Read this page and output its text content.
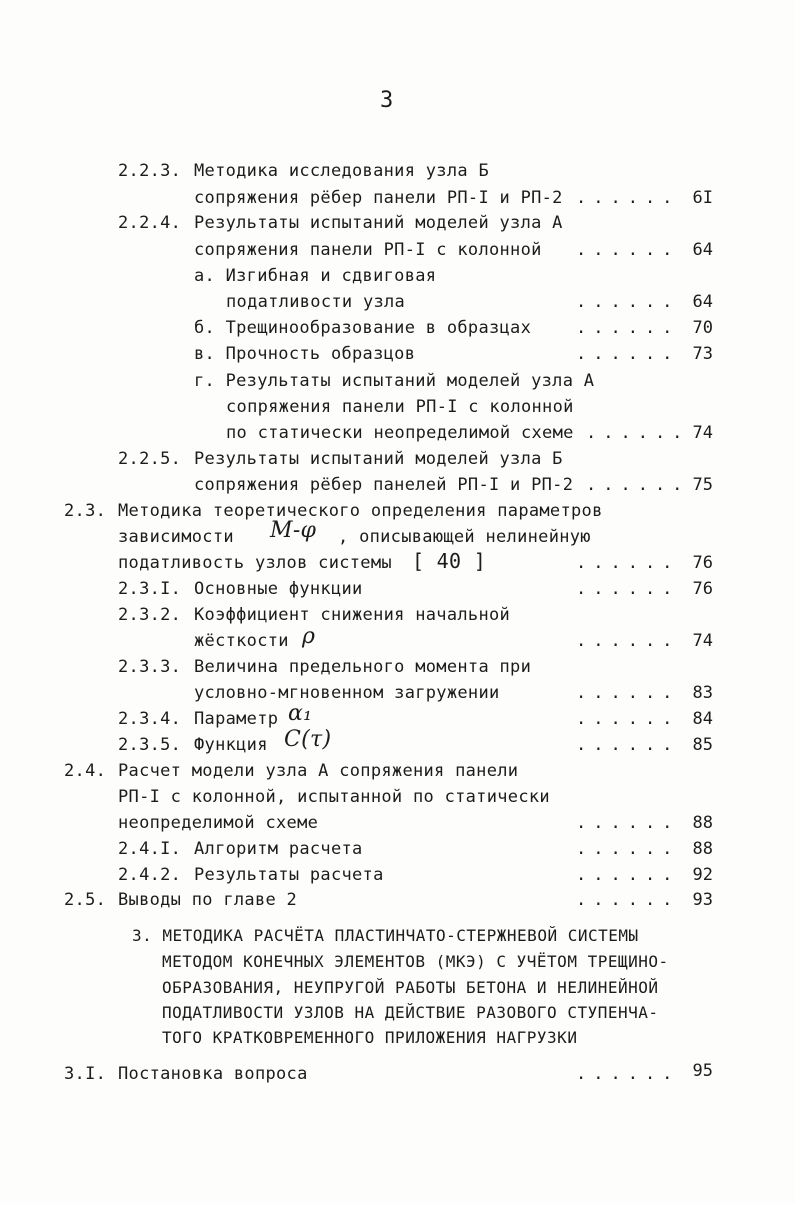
3
2.2.3. Методика исследования узла Б
сопряжения рёбер панели РП-I и РП-2 ...... 6I
2.2.4. Результаты испытаний моделей узла А
сопряжения панели РП-I с колонной ...... 64
а. Изгибная и сдвиговая
податливости узла	...... 64
б. Трещинообразование в образцах	...... 70
в. Прочность образцов	...... 73
г. Результаты испытаний моделей узла А
сопряжения панели РП-I с колонной
по статически неопределимой схеме ...... 74
2.2.5. Результаты испытаний моделей узла Б
сопряжения рёбер панелей РП-I и РП-2 ...... 75
2.3. Методика теоретического определения параметров
зависимости М-φ , описывающей нелинейную
податливость узлов системы [ 40 ]	...... 76
2.3.I. Основные функции	...... 76
2.3.2. Коэффициент снижения начальной
жёсткости ρ	...... 74
2.3.3. Величина предельного момента при
условно-мгновенном загружении	...... 83
2.3.4. Параметр α₁	...... 84
2.3.5. Функция C(τ)	...... 85
2.4. Расчет модели узла А сопряжения панели
РП-I с колонной, испытанной по статически
неопределимой схеме	...... 88
2.4.I. Алгоритм расчета	...... 88
2.4.2. Результаты расчета	...... 92
2.5. Выводы по главе 2	...... 93
3. МЕТОДИКА РАСЧЁТА ПЛАСТИНЧАТО-СТЕРЖНЕВОЙ СИСТЕМЫ
МЕТОДОМ КОНЕЧНЫХ ЭЛЕМЕНТОВ (МКЭ) С УЧЁТОМ ТРЕЩИНО-
ОБРАЗОВАНИЯ, НЕУПРУГОЙ РАБОТЫ БЕТОНА И НЕЛИНЕЙНОЙ
ПОДАТЛИВОСТИ УЗЛОВ НА ДЕЙСТВИЕ РАЗОВОГО СТУПЕНЧА-
ТОГО КРАТКОВРЕМЕННОГО ПРИЛОЖЕНИЯ НАГРУЗКИ
3.I. Постановка вопроса	...... 95
